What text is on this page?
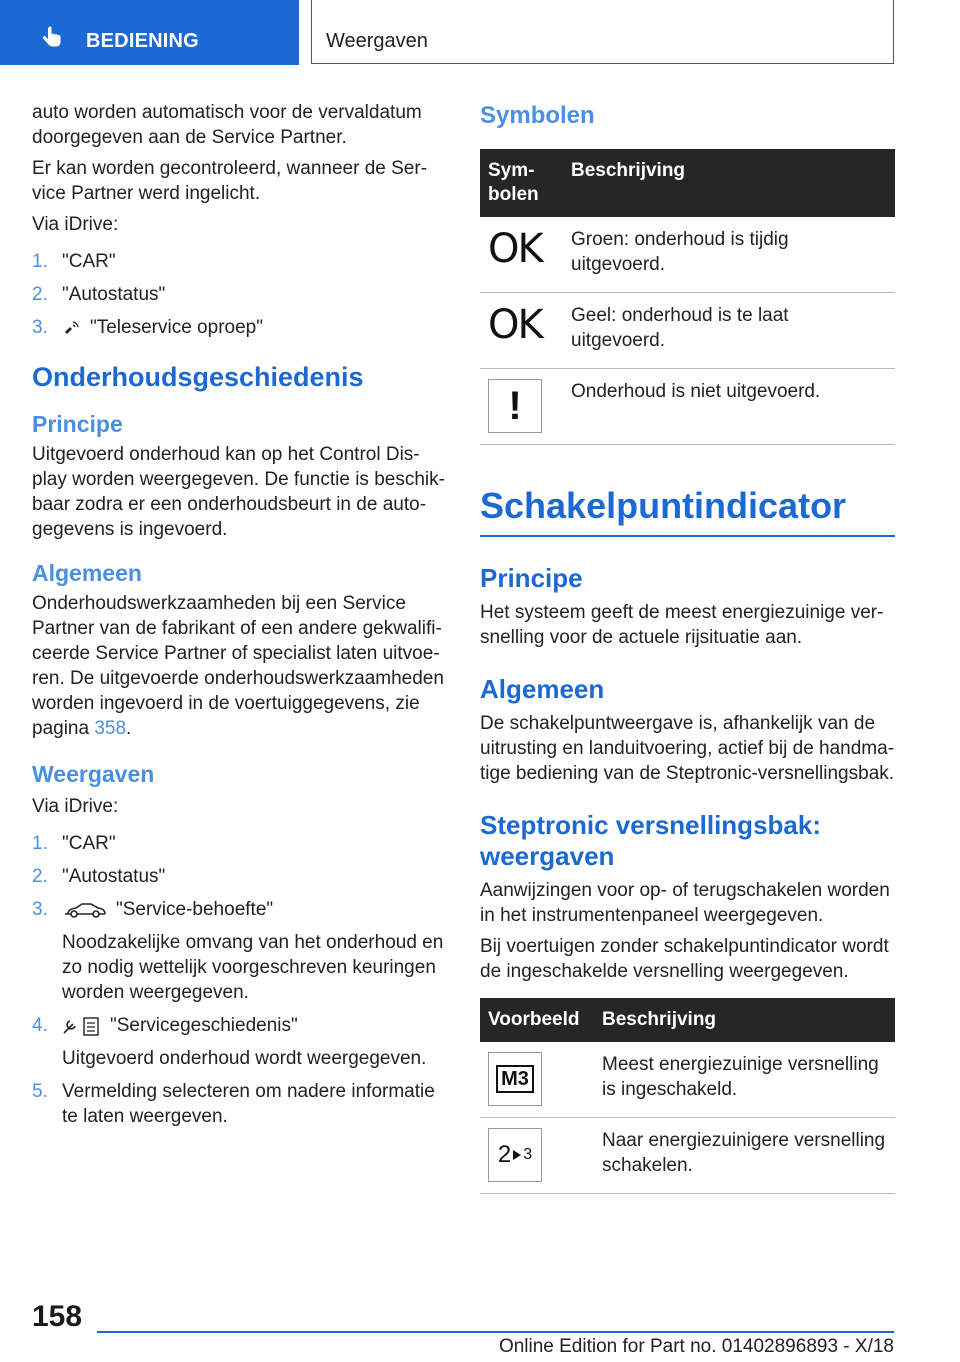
BEDIENING	Weergaven

auto worden automatisch voor de vervaldatum doorgegeven aan de Service Partner.

Er kan worden gecontroleerd, wanneer de Service Partner werd ingelicht.

Via iDrive:

1. "CAR"
2. "Autostatus"
3. "Teleservice oproep"
Onderhoudsgeschiedenis
Principe

Uitgevoerd onderhoud kan op het Control Display worden weergegeven. De functie is beschikbaar zodra er een onderhoudsbeurt in de autogegevens is ingevoerd.

Algemeen

Onderhoudswerkzaamheden bij een Service Partner van de fabrikant of een andere gekwalificeerde Service Partner of specialist laten uitvoeren. De uitgevoerde onderhoudswerkzaamheden worden ingevoerd in de voertuiggegevens, zie pagina 358.

Weergaven

Via iDrive:

1. "CAR"
2. "Autostatus"
3.	"Service-behoefte"
Noodzakelijke omvang van het onderhoud en zo nodig wettelijk voorgeschreven keuringen worden weergegeven.
4.	"Servicegeschiedenis"
Uitgevoerd onderhoud wordt weergegeven.
5. Vermelding selecteren om nadere informatie te laten weergeven.
Symbolen
Symbolen	Beschrijving
OK	Groen: onderhoud is tijdig uitgevoerd.
OK	Geel: onderhoud is te laat uitgevoerd.

!	Onderhoud is niet uitgevoerd.
Schakelpuntindicator
Principe

Het systeem geeft de meest energiezuinige versnelling voor de actuele rijsituatie aan.

Algemeen

De schakelpuntweergave is, afhankelijk van de uitrusting en landuitvoering, actief bij de handmatige bediening van de Steptronic-versnellingsbak.

Steptronic versnellingsbak: weergaven

Aanwijzingen voor op- of terugschakelen worden in het instrumentenpaneel weergegeven.

Bij voertuigen zonder schakelpuntindicator wordt de ingeschakelde versnelling weergegeven.

Voorbeeld	Beschrijving

M3	Meest energiezuinige versnelling is ingeschakeld.

2 3	Naar energiezuinigere versnelling schakelen.
158
Online Edition for Part no. 01402896893 - X/18
